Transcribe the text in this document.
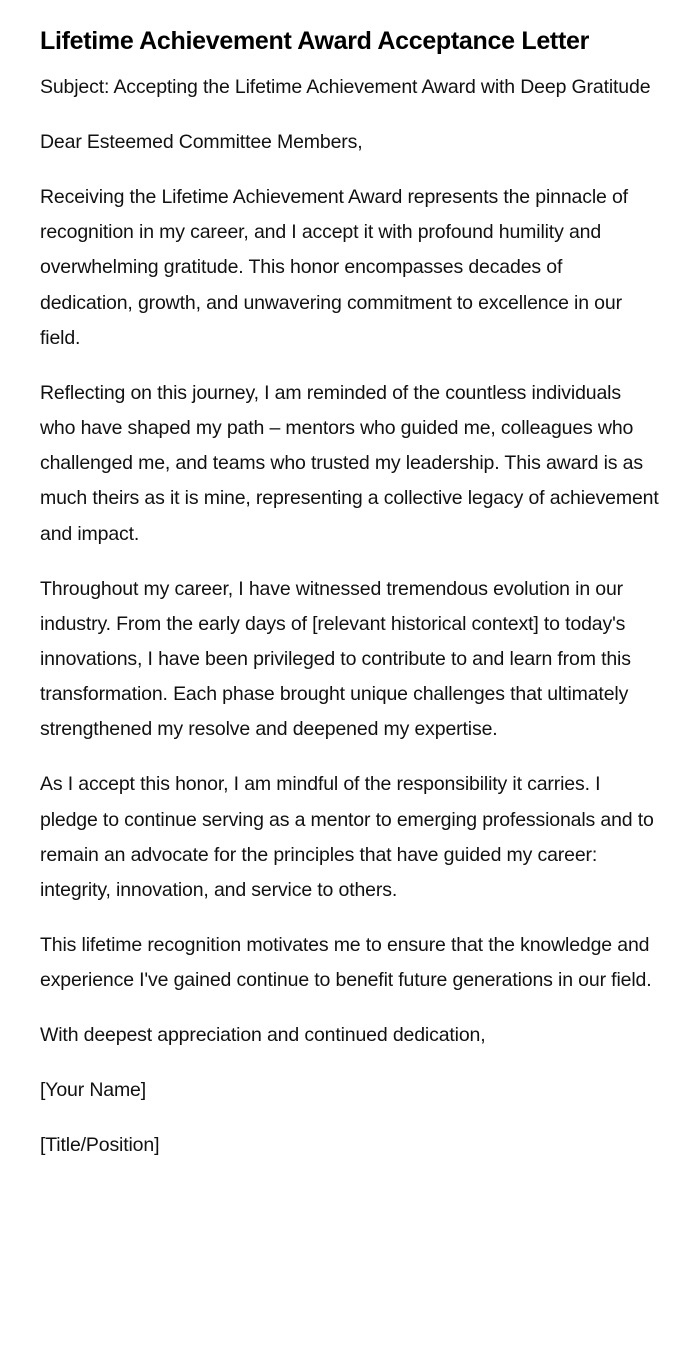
Lifetime Achievement Award Acceptance Letter

Subject: Accepting the Lifetime Achievement Award with Deep Gratitude

Dear Esteemed Committee Members,

Receiving the Lifetime Achievement Award represents the pinnacle of recognition in my career, and I accept it with profound humility and overwhelming gratitude. This honor encompasses decades of dedication, growth, and unwavering commitment to excellence in our field.

Reflecting on this journey, I am reminded of the countless individuals who have shaped my path – mentors who guided me, colleagues who challenged me, and teams who trusted my leadership. This award is as much theirs as it is mine, representing a collective legacy of achievement and impact.

Throughout my career, I have witnessed tremendous evolution in our industry. From the early days of [relevant historical context] to today's innovations, I have been privileged to contribute to and learn from this transformation. Each phase brought unique challenges that ultimately strengthened my resolve and deepened my expertise.

As I accept this honor, I am mindful of the responsibility it carries. I pledge to continue serving as a mentor to emerging professionals and to remain an advocate for the principles that have guided my career: integrity, innovation, and service to others.

This lifetime recognition motivates me to ensure that the knowledge and experience I've gained continue to benefit future generations in our field.

With deepest appreciation and continued dedication,

[Your Name]

[Title/Position]
